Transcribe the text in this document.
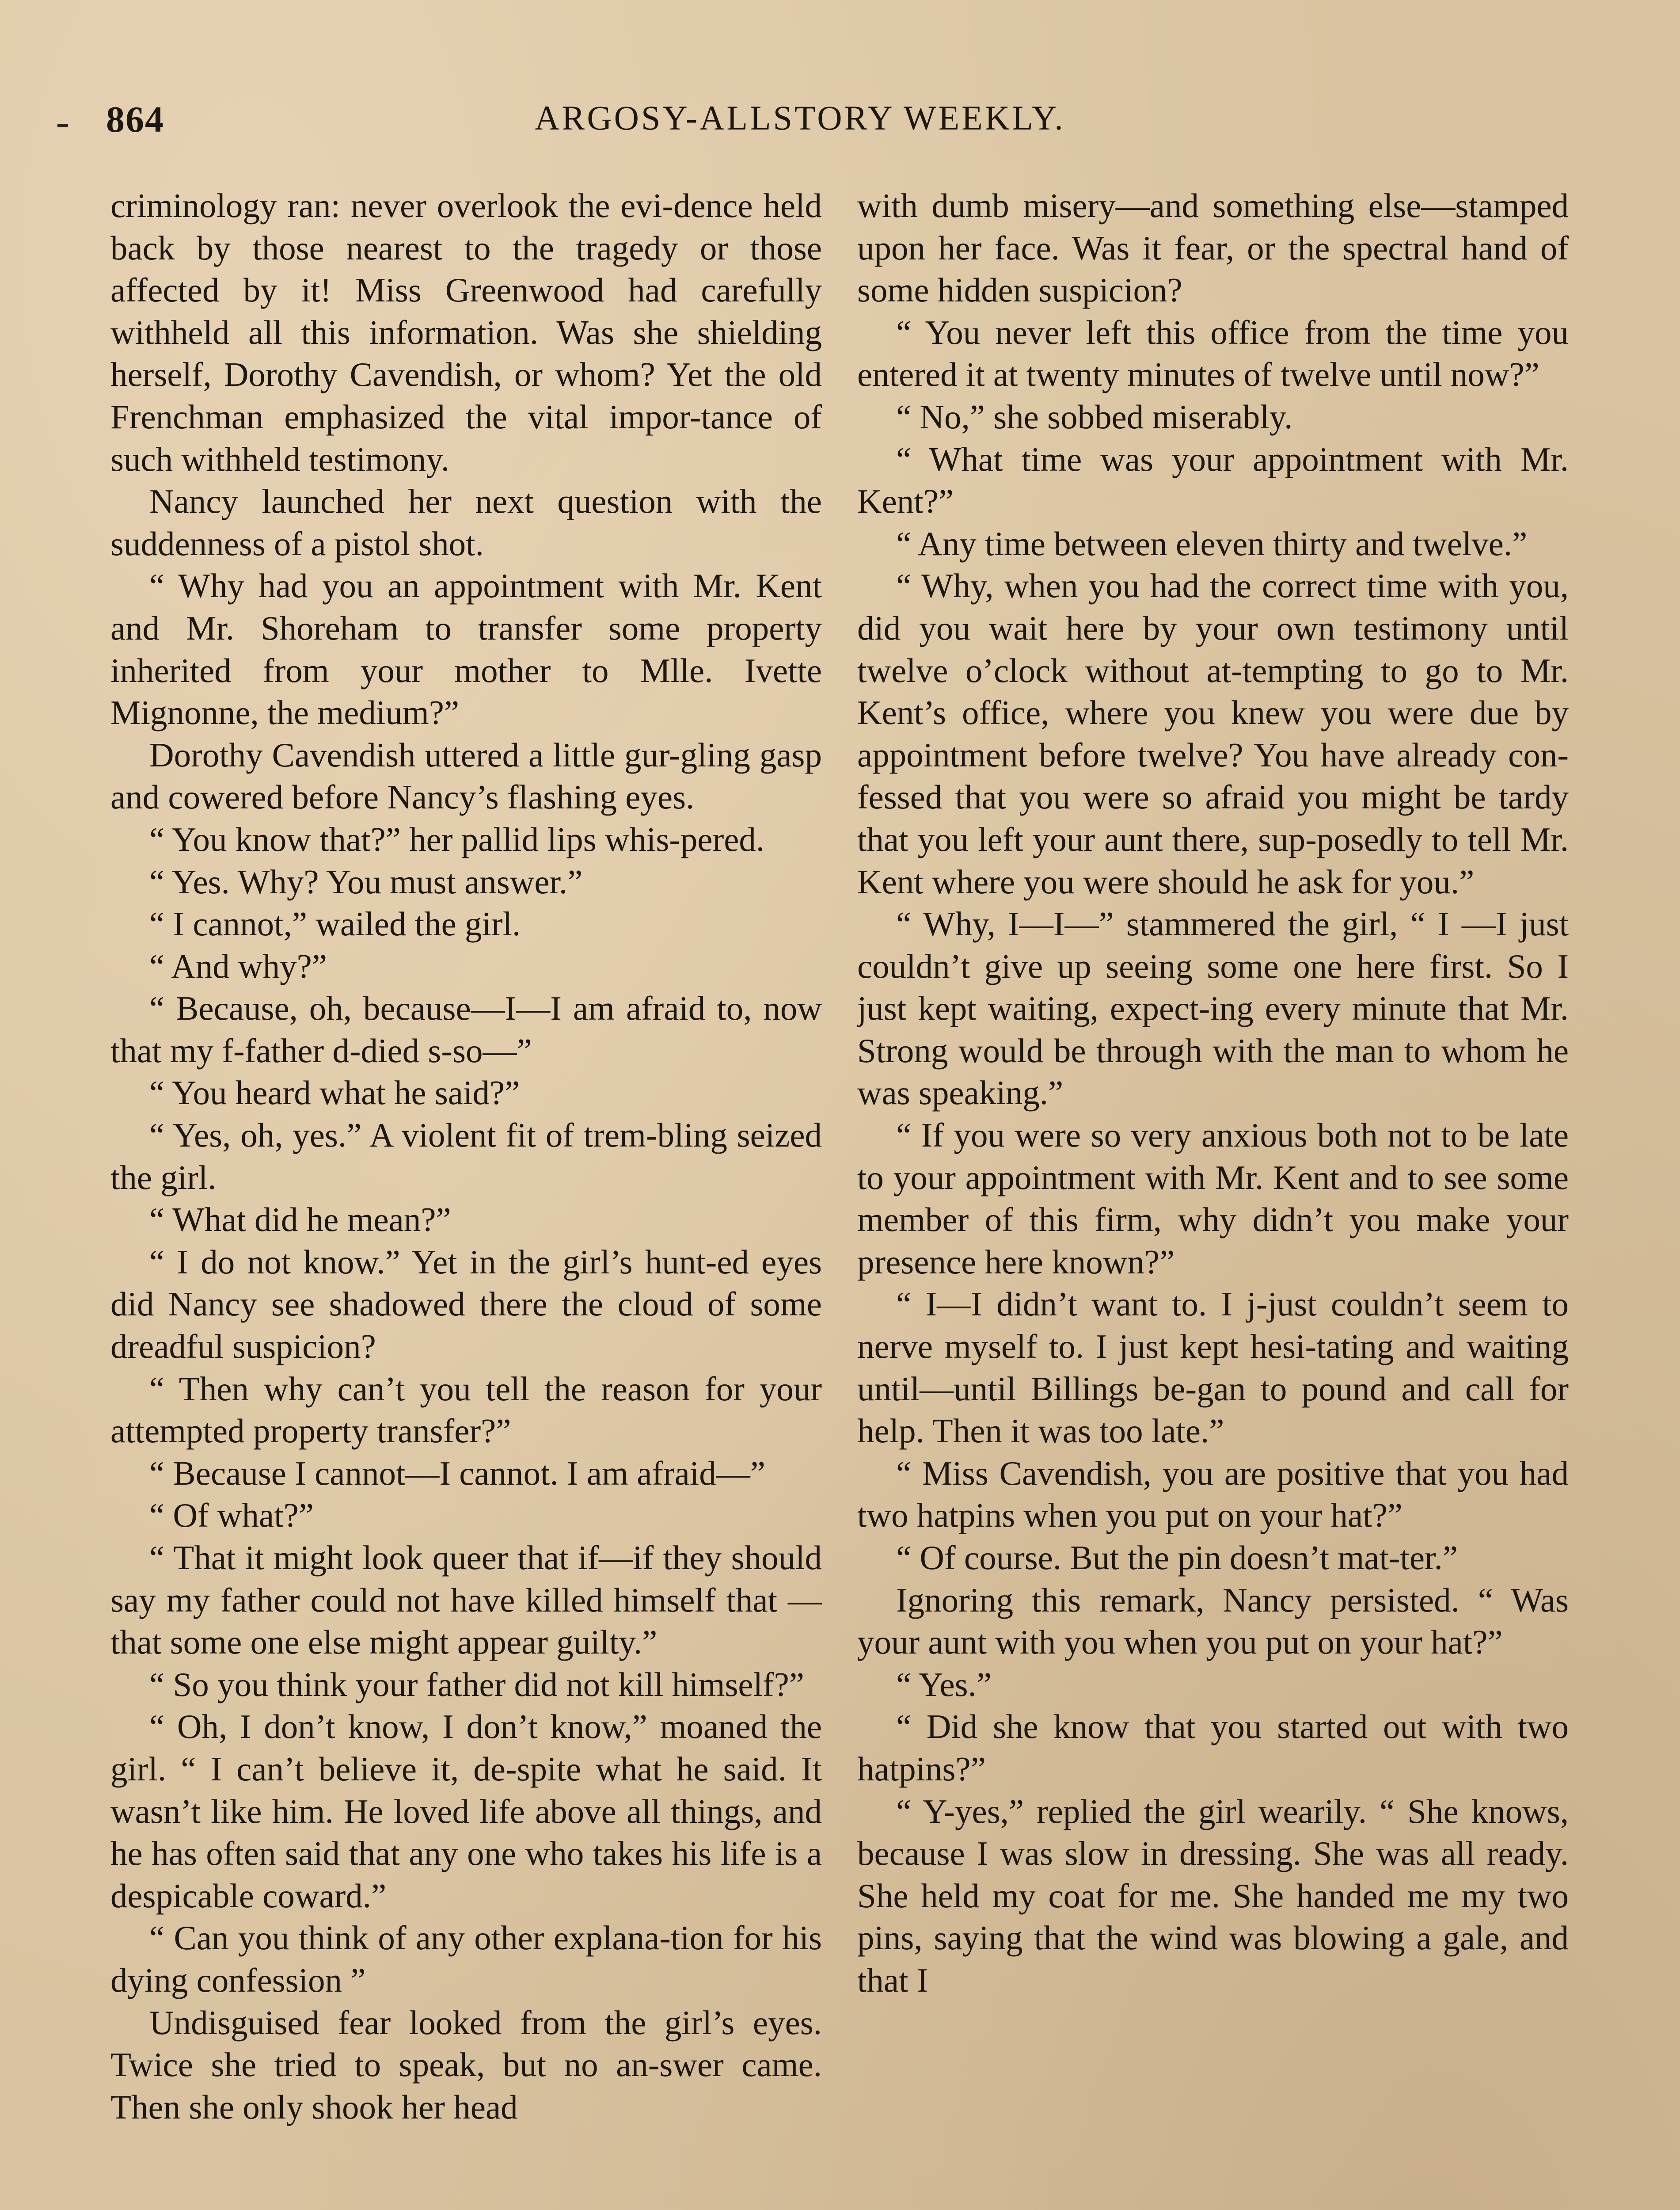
864	ARGOSY-ALLSTORY WEEKLY.

criminology ran: never overlook the evi-dence held back by those nearest to the tragedy or those affected by it! Miss Greenwood had carefully withheld all this information. Was she shielding herself, Dorothy Cavendish, or whom? Yet the old Frenchman emphasized the vital impor-tance of such withheld testimony.

Nancy launched her next question with the suddenness of a pistol shot.

“ Why had you an appointment with Mr. Kent and Mr. Shoreham to transfer some property inherited from your mother to Mlle. Ivette Mignonne, the medium?”

Dorothy Cavendish uttered a little gur-gling gasp and cowered before Nancy’s flashing eyes.

“ You know that?” her pallid lips whis-pered.

“ Yes. Why? You must answer.”

“ I cannot,” wailed the girl.

“ And why?”

“ Because, oh, because—I—I am afraid to, now that my f-father d-died s-so—”

“ You heard what he said?”

“ Yes, oh, yes.” A violent fit of trem-bling seized the girl.

“ What did he mean?”

“ I do not know.” Yet in the girl’s hunt-ed eyes did Nancy see shadowed there the cloud of some dreadful suspicion?

“ Then why can’t you tell the reason for your attempted property transfer?”

“ Because I cannot—I cannot. I am afraid—”

“ Of what?”

“ That it might look queer that if—if they should say my father could not have killed himself that — that some one else might appear guilty.”

“ So you think your father did not kill himself?”

“ Oh, I don’t know, I don’t know,” moaned the girl. “ I can’t believe it, de-spite what he said. It wasn’t like him. He loved life above all things, and he has often said that any one who takes his life is a despicable coward.”

“ Can you think of any other explana-tion for his dying confession ”

Undisguised fear looked from the girl’s eyes. Twice she tried to speak, but no an-swer came. Then she only shook her head

with dumb misery—and something else—stamped upon her face. Was it fear, or the spectral hand of some hidden suspicion?

“ You never left this office from the time you entered it at twenty minutes of twelve until now?”

“ No,” she sobbed miserably.

“ What time was your appointment with Mr. Kent?”

“ Any time between eleven thirty and twelve.”

“ Why, when you had the correct time with you, did you wait here by your own testimony until twelve o’clock without at-tempting to go to Mr. Kent’s office, where you knew you were due by appointment before twelve? You have already con-fessed that you were so afraid you might be tardy that you left your aunt there, sup-posedly to tell Mr. Kent where you were should he ask for you.”

“ Why, I—I—” stammered the girl, “ I —I just couldn’t give up seeing some one here first. So I just kept waiting, expect-ing every minute that Mr. Strong would be through with the man to whom he was speaking.”

“ If you were so very anxious both not to be late to your appointment with Mr. Kent and to see some member of this firm, why didn’t you make your presence here known?”

“ I—I didn’t want to. I j-just couldn’t seem to nerve myself to. I just kept hesi-tating and waiting until—until Billings be-gan to pound and call for help. Then it was too late.”

“ Miss Cavendish, you are positive that you had two hatpins when you put on your hat?”

“ Of course. But the pin doesn’t mat-ter.”

Ignoring this remark, Nancy persisted. “ Was your aunt with you when you put on your hat?”

“ Yes.”

“ Did she know that you started out with two hatpins?”

“ Y-yes,” replied the girl wearily. “ She knows, because I was slow in dressing. She was all ready. She held my coat for me. She handed me my two pins, saying that the wind was blowing a gale, and that I
